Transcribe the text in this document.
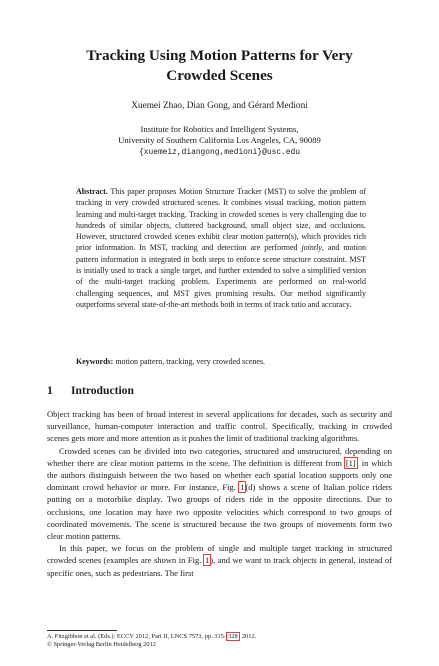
Tracking Using Motion Patterns for Very
Crowded Scenes
Xuemei Zhao, Dian Gong, and Gérard Medioni
Institute for Robotics and Intelligent Systems,
University of Southern California Los Angeles, CA, 90089
{xuemeiz,diangong,medioni}@usc.edu
Abstract. This paper proposes Motion Structure Tracker (MST) to solve the problem of tracking in very crowded structured scenes. It combines visual tracking, motion pattern learning and multi-target tracking. Tracking in crowded scenes is very challenging due to hundreds of similar objects, cluttered background, small object size, and occlusions. However, structured crowded scenes exhibit clear motion pattern(s), which provides rich prior information. In MST, tracking and detection are performed jointly, and motion pattern information is integrated in both steps to enforce scene structure constraint. MST is initially used to track a single target, and further extended to solve a simplified version of the multi-target tracking problem. Experiments are performed on real-world challenging sequences, and MST gives promising results. Our method significantly outperforms several state-of-the-art methods both in terms of track ratio and accuracy.
Keywords: motion pattern, tracking, very crowded scenes.
1 Introduction

Object tracking has been of broad interest in several applications for decades, such as security and surveillance, human-computer interaction and traffic control. Specifically, tracking in crowded scenes gets more and more attention as it pushes the limit of traditional tracking algorithms.

Crowded scenes can be divided into two categories, structured and unstructured, depending on whether there are clear motion patterns in the scene. The definition is different from [1], in which the authors distinguish between the two based on whether each spatial location supports only one dominant crowd behavior or more. For instance, Fig. 1(d) shows a scene of Italian police riders putting on a motorbike display. Two groups of riders ride in the opposite directions. Due to occlusions, one location may have two opposite velocities which correspond to two groups of coordinated movements. The scene is structured because the two groups of movements form two clear motion patterns.

In this paper, we focus on the problem of single and multiple target tracking in structured crowded scenes (examples are shown in Fig. 1), and we want to track objects in general, instead of specific ones, such as pedestrians. The first

A. Fitzgibbon et al. (Eds.): ECCV 2012, Part II, LNCS 7573, pp. 315–328, 2012.
© Springer-Verlag Berlin Heidelberg 2012
